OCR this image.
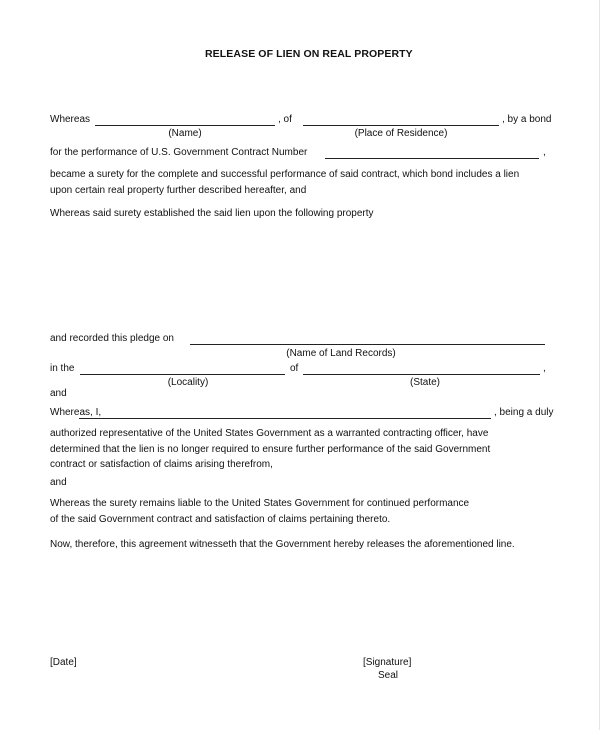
RELEASE OF LIEN ON REAL PROPERTY
Whereas	, of	, by a bond
(Name)	(Place of Residence)
for the performance of U.S. Government Contract Number	,
became a surety for the complete and successful performance of said contract, which bond includes a lien
upon certain real property further described hereafter, and
Whereas said surety established the said lien upon the following property
and recorded this pledge on
(Name of Land Records)
in the	of	,
(Locality)	(State)
and
Whereas, I,	, being a duly
authorized representative of the United States Government as a warranted contracting officer, have
determined that the lien is no longer required to ensure further performance of the said Government
contract or satisfaction of claims arising therefrom,
and
Whereas the surety remains liable to the United States Government for continued performance
of the said Government contract and satisfaction of claims pertaining thereto.
Now, therefore, this agreement witnesseth that the Government hereby releases the aforementioned line.
[Date]	[Signature]
Seal
